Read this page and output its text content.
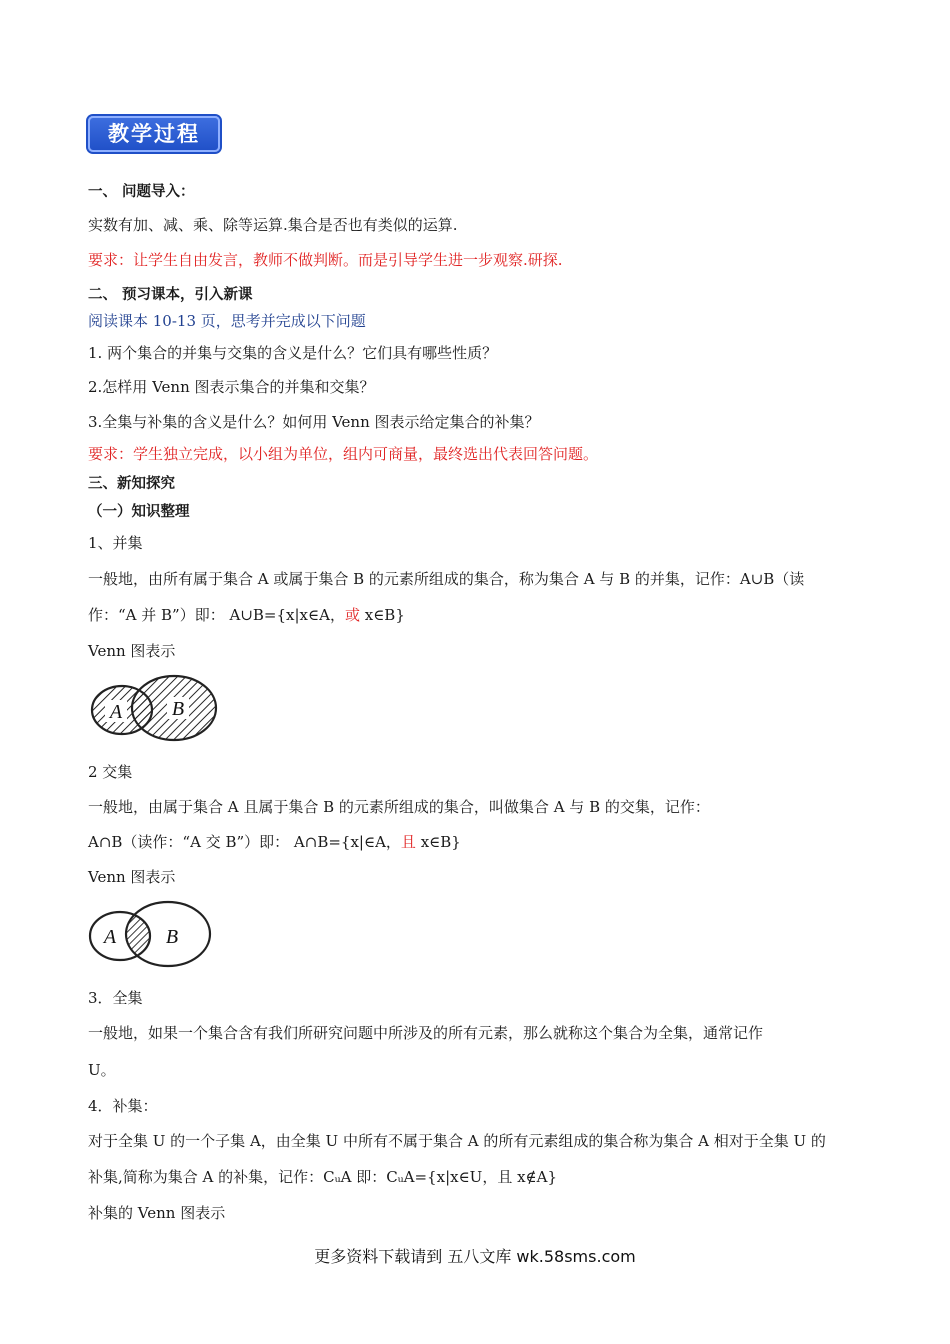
教学过程
一、 问题导入：
实数有加、减、乘、除等运算.集合是否也有类似的运算.
要求：让学生自由发言，教师不做判断。而是引导学生进一步观察.研探.
二、 预习课本，引入新课
阅读课本 10-13 页，思考并完成以下问题
1. 两个集合的并集与交集的含义是什么？它们具有哪些性质？
2.怎样用 Venn 图表示集合的并集和交集？
3.全集与补集的含义是什么？如何用 Venn 图表示给定集合的补集？
要求：学生独立完成，以小组为单位，组内可商量，最终选出代表回答问题。
三、新知探究
（一）知识整理
1、并集
一般地，由所有属于集合 A 或属于集合 B 的元素所组成的集合，称为集合 A 与 B 的并集，记作：A∪B（读
作：“A 并 B”）即： A∪B={x|x∈A，或 x∈B}
Venn 图表示
A B
2 交集
一般地，由属于集合 A 且属于集合 B 的元素所组成的集合，叫做集合 A 与 B 的交集，记作：
A∩B（读作：“A 交 B”）即： A∩B={x|∈A，且 x∈B}
Venn 图表示
A B
3．全集
一般地，如果一个集合含有我们所研究问题中所涉及的所有元素，那么就称这个集合为全集，通常记作
U。
4．补集：
对于全集 U 的一个子集 A，由全集 U 中所有不属于集合 A 的所有元素组成的集合称为集合 A 相对于全集 U 的
补集,简称为集合 A 的补集，记作：CᵤA 即：CᵤA={x|x∈U，且 x∉A}
补集的 Venn 图表示
更多资料下载请到 五八文库 wk.58sms.com
